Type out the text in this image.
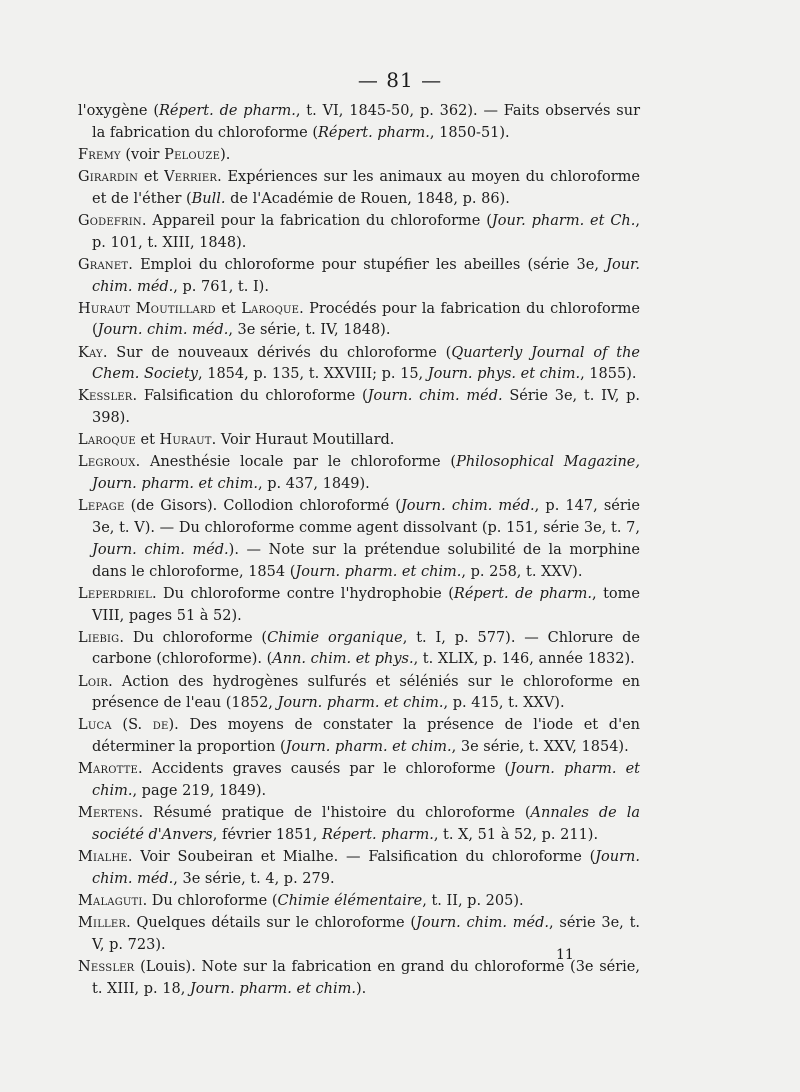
— 81 —

l'oxygène (Répert. de pharm., t. VI, 1845-50, p. 362). — Faits observés sur la fabrication du chloroforme (Répert. pharm., 1850-51).

Fremy (voir Pelouze).

Girardin et Verrier. Expériences sur les animaux au moyen du chloroforme et de l'éther (Bull. de l'Académie de Rouen, 1848, p. 86).

Godefrin. Appareil pour la fabrication du chloroforme (Jour. pharm. et Ch., p. 101, t. XIII, 1848).

Granet. Emploi du chloroforme pour stupéfier les abeilles (série 3e, Jour. chim. méd., p. 761, t. I).

Huraut Moutillard et Laroque. Procédés pour la fabrication du chloroforme (Journ. chim. méd., 3e série, t. IV, 1848).

Kay. Sur de nouveaux dérivés du chloroforme (Quarterly Journal of the Chem. Society, 1854, p. 135, t. XXVIII; p. 15, Journ. phys. et chim., 1855).

Kessler. Falsification du chloroforme (Journ. chim. méd. Série 3e, t. IV, p. 398).

Laroque et Huraut. Voir Huraut Moutillard.

Legroux. Anesthésie locale par le chloroforme (Philosophical Magazine, Journ. pharm. et chim., p. 437, 1849).

Lepage (de Gisors). Collodion chloroformé (Journ. chim. méd., p. 147, série 3e, t. V). — Du chloroforme comme agent dissolvant (p. 151, série 3e, t. 7, Journ. chim. méd.). — Note sur la prétendue solubilité de la morphine dans le chloroforme, 1854 (Journ. pharm. et chim., p. 258, t. XXV).

Leperdriel. Du chloroforme contre l'hydrophobie (Répert. de pharm., tome VIII, pages 51 à 52).

Liebig. Du chloroforme (Chimie organique, t. I, p. 577). — Chlorure de carbone (chloroforme). (Ann. chim. et phys., t. XLIX, p. 146, année 1832).

Loir. Action des hydrogènes sulfurés et séléniés sur le chloroforme en présence de l'eau (1852, Journ. pharm. et chim., p. 415, t. XXV).

Luca (S. de). Des moyens de constater la présence de l'iode et d'en déterminer la proportion (Journ. pharm. et chim., 3e série, t. XXV, 1854).

Marotte. Accidents graves causés par le chloroforme (Journ. pharm. et chim., page 219, 1849).

Mertens. Résumé pratique de l'histoire du chloroforme (Annales de la société d'Anvers, février 1851, Répert. pharm., t. X, 51 à 52, p. 211).

Mialhe. Voir Soubeiran et Mialhe. — Falsification du chloroforme (Journ. chim. méd., 3e série, t. 4, p. 279.

Malaguti. Du chloroforme (Chimie élémentaire, t. II, p. 205).

Miller. Quelques détails sur le chloroforme (Journ. chim. méd., série 3e, t. V, p. 723).

Nessler (Louis). Note sur la fabrication en grand du chloroforme (3e série, t. XIII, p. 18, Journ. pharm. et chim.).

11
